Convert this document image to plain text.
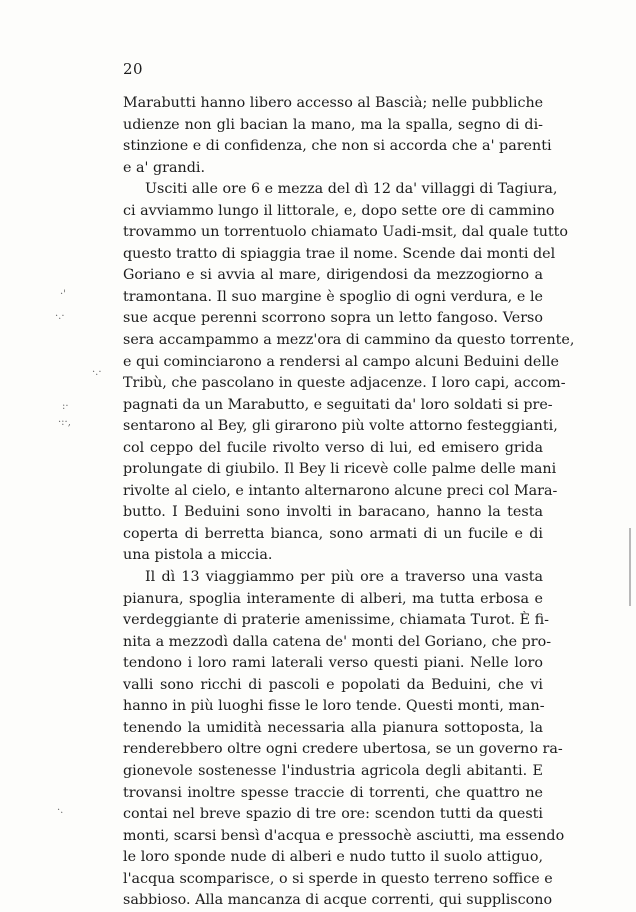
20
Marabutti hanno libero accesso al Bascià; nelle pubbliche
udienze non gli bacian la mano, ma la spalla, segno di di-
stinzione e di confidenza, che non si accorda che a' parenti
e a' grandi.
Usciti alle ore 6 e mezza del dì 12 da' villaggi di Tagiura,
ci avviammo lungo il littorale, e, dopo sette ore di cammino
trovammo un torrentuolo chiamato Uadi-msit, dal quale tutto
questo tratto di spiaggia trae il nome. Scende dai monti del
Goriano e si avvia al mare, dirigendosi da mezzogiorno a
tramontana. Il suo margine è spoglio di ogni verdura, e le
sue acque perenni scorrono sopra un letto fangoso. Verso
sera accampammo a mezz'ora di cammino da questo torrente,
e qui cominciarono a rendersi al campo alcuni Beduini delle
Tribù, che pascolano in queste adjacenze. I loro capi, accom-
pagnati da un Marabutto, e seguitati da' loro soldati si pre-
sentarono al Bey, gli girarono più volte attorno festeggianti,
col ceppo del fucile rivolto verso di lui, ed emisero grida
prolungate di giubilo. Il Bey li ricevè colle palme delle mani
rivolte al cielo, e intanto alternarono alcune preci col Mara-
butto. I Beduini sono involti in baracano, hanno la testa
coperta di berretta bianca, sono armati di un fucile e di
una pistola a miccia.
Il dì 13 viaggiammo per più ore a traverso una vasta
pianura, spoglia interamente di alberi, ma tutta erbosa e
verdeggiante di praterie amenissime, chiamata Turot. È fi-
nita a mezzodì dalla catena de' monti del Goriano, che pro-
tendono i loro rami laterali verso questi piani. Nelle loro
valli sono ricchi di pascoli e popolati da Beduini, che vi
hanno in più luoghi fisse le loro tende. Questi monti, man-
tenendo la umidità necessaria alla pianura sottoposta, la
renderebbero oltre ogni credere ubertosa, se un governo ra-
gionevole sostenesse l'industria agricola degli abitanti. E
trovansi inoltre spesse traccie di torrenti, che quattro ne
contai nel breve spazio di tre ore: scendon tutti da questi
monti, scarsi bensì d'acqua e pressochè asciutti, ma essendo
le loro sponde nude di alberi e nudo tutto il suolo attiguo,
l'acqua scomparisce, o si sperde in questo terreno soffice e
sabbioso. Alla mancanza di acque correnti, qui suppliscono
·'
·.·
·.·
:·
·:·,
·.
